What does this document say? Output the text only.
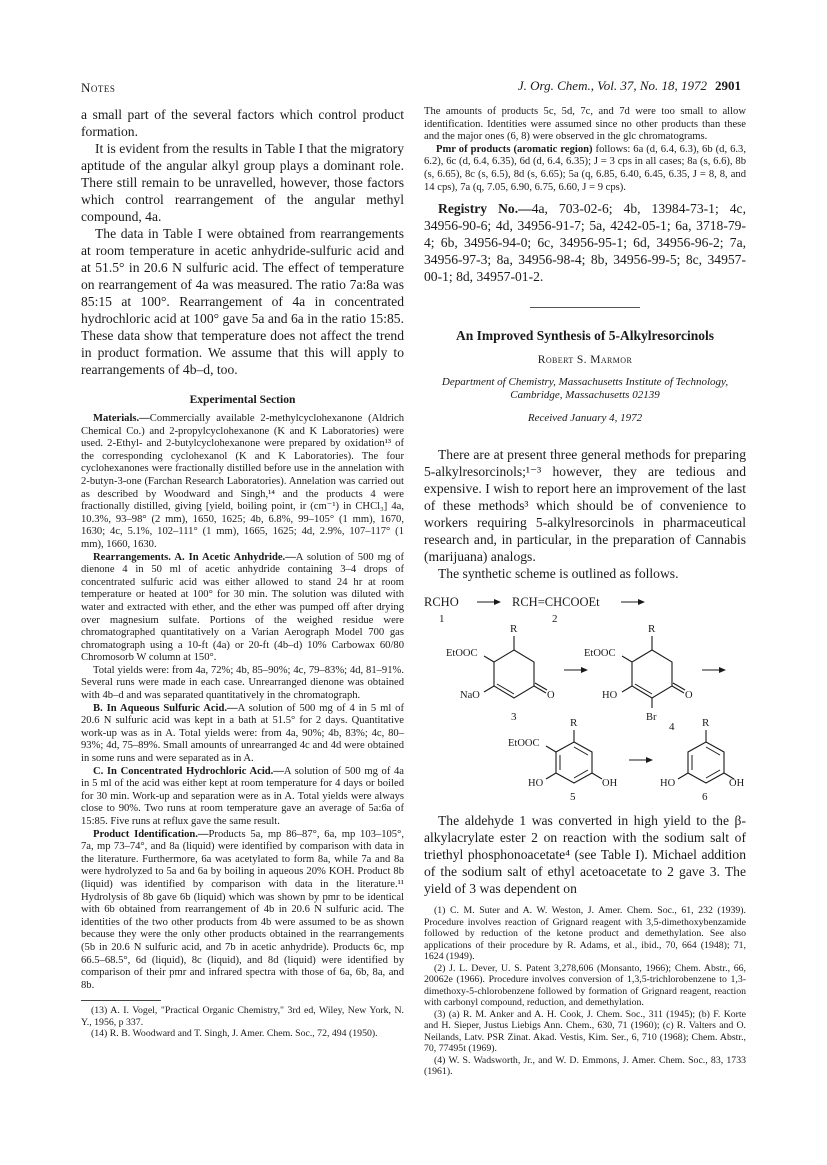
Notes	J. Org. Chem., Vol. 37, No. 18, 1972 2901

a small part of the several factors which control product formation.

It is evident from the results in Table I that the migratory aptitude of the angular alkyl group plays a dominant role. There still remain to be unravelled, however, those factors which control rearrangement of the angular methyl compound, 4a.

The data in Table I were obtained from rearrangements at room temperature in acetic anhydride-sulfuric acid and at 51.5° in 20.6 N sulfuric acid. The effect of temperature on rearrangement of 4a was measured. The ratio 7a:8a was 85:15 at 100°. Rearrangement of 4a in concentrated hydrochloric acid at 100° gave 5a and 6a in the ratio 15:85. These data show that temperature does not affect the trend in product formation. We assume that this will apply to rearrangements of 4b–d, too.

Experimental Section

Materials.—Commercially available 2-methylcyclohexanone (Aldrich Chemical Co.) and 2-propylcyclohexanone (K and K Laboratories) were used. 2-Ethyl- and 2-butylcyclohexanone were prepared by oxidation¹³ of the corresponding cyclohexanol (K and K Laboratories). The four cyclohexanones were fractionally distilled before use in the annelation with 2-butyn-3-one (Farchan Research Laboratories). Annelation was carried out as described by Woodward and Singh,¹⁴ and the products 4 were fractionally distilled, giving [yield, boiling point, ir (cm⁻¹) in CHCl₃] 4a, 10.3%, 93–98° (2 mm), 1650, 1625; 4b, 6.8%, 99–105° (1 mm), 1670, 1630; 4c, 5.1%, 102–111° (1 mm), 1665, 1625; 4d, 2.9%, 107–117° (1 mm), 1660, 1630.

Rearrangements. A. In Acetic Anhydride.—A solution of 500 mg of dienone 4 in 50 ml of acetic anhydride containing 3–4 drops of concentrated sulfuric acid was either allowed to stand 24 hr at room temperature or heated at 100° for 30 min. The solution was diluted with water and extracted with ether, and the ether was pumped off after drying over magnesium sulfate. Portions of the weighed residue were chromatographed quantitatively on a Varian Aerograph Model 700 gas chromatograph using a 10-ft (4a) or 20-ft (4b–d) 10% Carbowax 60/80 Chromosorb W column at 150°.

Total yields were: from 4a, 72%; 4b, 85–90%; 4c, 79–83%; 4d, 81–91%. Several runs were made in each case. Unrearranged dienone was obtained with 4b–d and was separated quantitatively in the chromatograph.

B. In Aqueous Sulfuric Acid.—A solution of 500 mg of 4 in 5 ml of 20.6 N sulfuric acid was kept in a bath at 51.5° for 2 days. Quantitative work-up was as in A. Total yields were: from 4a, 90%; 4b, 83%; 4c, 80–93%; 4d, 75–89%. Small amounts of unrearranged 4c and 4d were obtained in some runs and were separated as in A.

C. In Concentrated Hydrochloric Acid.—A solution of 500 mg of 4a in 5 ml of the acid was either kept at room temperature for 4 days or boiled for 30 min. Work-up and separation were as in A. Total yields were always close to 90%. Two runs at room temperature gave an average of 5a:6a of 15:85. Five runs at reflux gave the same result.

Product Identification.—Products 5a, mp 86–87°, 6a, mp 103–105°, 7a, mp 73–74°, and 8a (liquid) were identified by comparison with data in the literature. Furthermore, 6a was acetylated to form 8a, while 7a and 8a were hydrolyzed to 5a and 6a by boiling in aqueous 20% KOH. Product 8b (liquid) was identified by comparison with data in the literature.¹¹ Hydrolysis of 8b gave 6b (liquid) which was shown by pmr to be identical with 6b obtained from rearrangement of 4b in 20.6 N sulfuric acid. The identities of the two other products from 4b were assumed to be as shown because they were the only other products obtained in the rearrangements (5b in 20.6 N sulfuric acid, and 7b in acetic anhydride). Products 6c, mp 66.5–68.5°, 6d (liquid), 8c (liquid), and 8d (liquid) were identified by comparison of their pmr and infrared spectra with those of 6a, 6b, 8a, and 8b.

(13) A. I. Vogel, "Practical Organic Chemistry," 3rd ed, Wiley, New York, N. Y., 1956, p 337.

(14) R. B. Woodward and T. Singh, J. Amer. Chem. Soc., 72, 494 (1950).

The amounts of products 5c, 5d, 7c, and 7d were too small to allow identification. Identities were assumed since no other products than these and the major ones (6, 8) were observed in the glc chromatograms.

Pmr of products (aromatic region) follows: 6a (d, 6.4, 6.3), 6b (d, 6.3, 6.2), 6c (d, 6.4, 6.35), 6d (d, 6.4, 6.35); J = 3 cps in all cases; 8a (s, 6.6), 8b (s, 6.65), 8c (s, 6.5), 8d (s, 6.65); 5a (q, 6.85, 6.40, 6.45, 6.35, J = 8, 8, and 14 cps), 7a (q, 7.05, 6.90, 6.75, 6.60, J = 9 cps).

Registry No.—4a, 703-02-6; 4b, 13984-73-1; 4c, 34956-90-6; 4d, 34956-91-7; 5a, 4242-05-1; 6a, 3718-79-4; 6b, 34956-94-0; 6c, 34956-95-1; 6d, 34956-96-2; 7a, 34956-97-3; 8a, 34956-98-4; 8b, 34956-99-5; 8c, 34957-00-1; 8d, 34957-01-2.

An Improved Synthesis of 5-Alkylresorcinols

Robert S. Marmor

Department of Chemistry, Massachusetts Institute of Technology,

Cambridge, Massachusetts 02139

Received January 4, 1972

There are at present three general methods for preparing 5-alkylresorcinols;¹⁻³ however, they are tedious and expensive. I wish to report here an improvement of the last of these methods³ which should be of convenience to workers requiring 5-alkylresorcinols in pharmaceutical research and, in particular, in the preparation of Cannabis (marijuana) analogs.

The synthetic scheme is outlined as follows.

RCHO	RCH=CHCOOEt
1	2
R
EtOOC
NaO	O
3
R
EtOOC
HO	O
Br
4
R
EtOOC
HO	OH
5
R
HO	OH
6

The aldehyde 1 was converted in high yield to the β-alkylacrylate ester 2 on reaction with the sodium salt of triethyl phosphonoacetate⁴ (see Table I). Michael addition of the sodium salt of ethyl acetoacetate to 2 gave 3. The yield of 3 was dependent on

(1) C. M. Suter and A. W. Weston, J. Amer. Chem. Soc., 61, 232 (1939). Procedure involves reaction of Grignard reagent with 3,5-dimethoxybenzamide followed by reduction of the ketone product and demethylation. See also applications of their procedure by R. Adams, et al., ibid., 70, 664 (1948); 71, 1624 (1949).

(2) J. L. Dever, U. S. Patent 3,278,606 (Monsanto, 1966); Chem. Abstr., 66, 20062e (1966). Procedure involves conversion of 1,3,5-trichlorobenzene to 1,3-dimethoxy-5-chlorobenzene followed by formation of Grignard reagent, reaction with carbonyl compound, reduction, and demethylation.

(3) (a) R. M. Anker and A. H. Cook, J. Chem. Soc., 311 (1945); (b) F. Korte and H. Sieper, Justus Liebigs Ann. Chem., 630, 71 (1960); (c) R. Valters and O. Neilands, Latv. PSR Zinat. Akad. Vestis, Kim. Ser., 6, 710 (1968); Chem. Abstr., 70, 77495t (1969).

(4) W. S. Wadsworth, Jr., and W. D. Emmons, J. Amer. Chem. Soc., 83, 1733 (1961).
